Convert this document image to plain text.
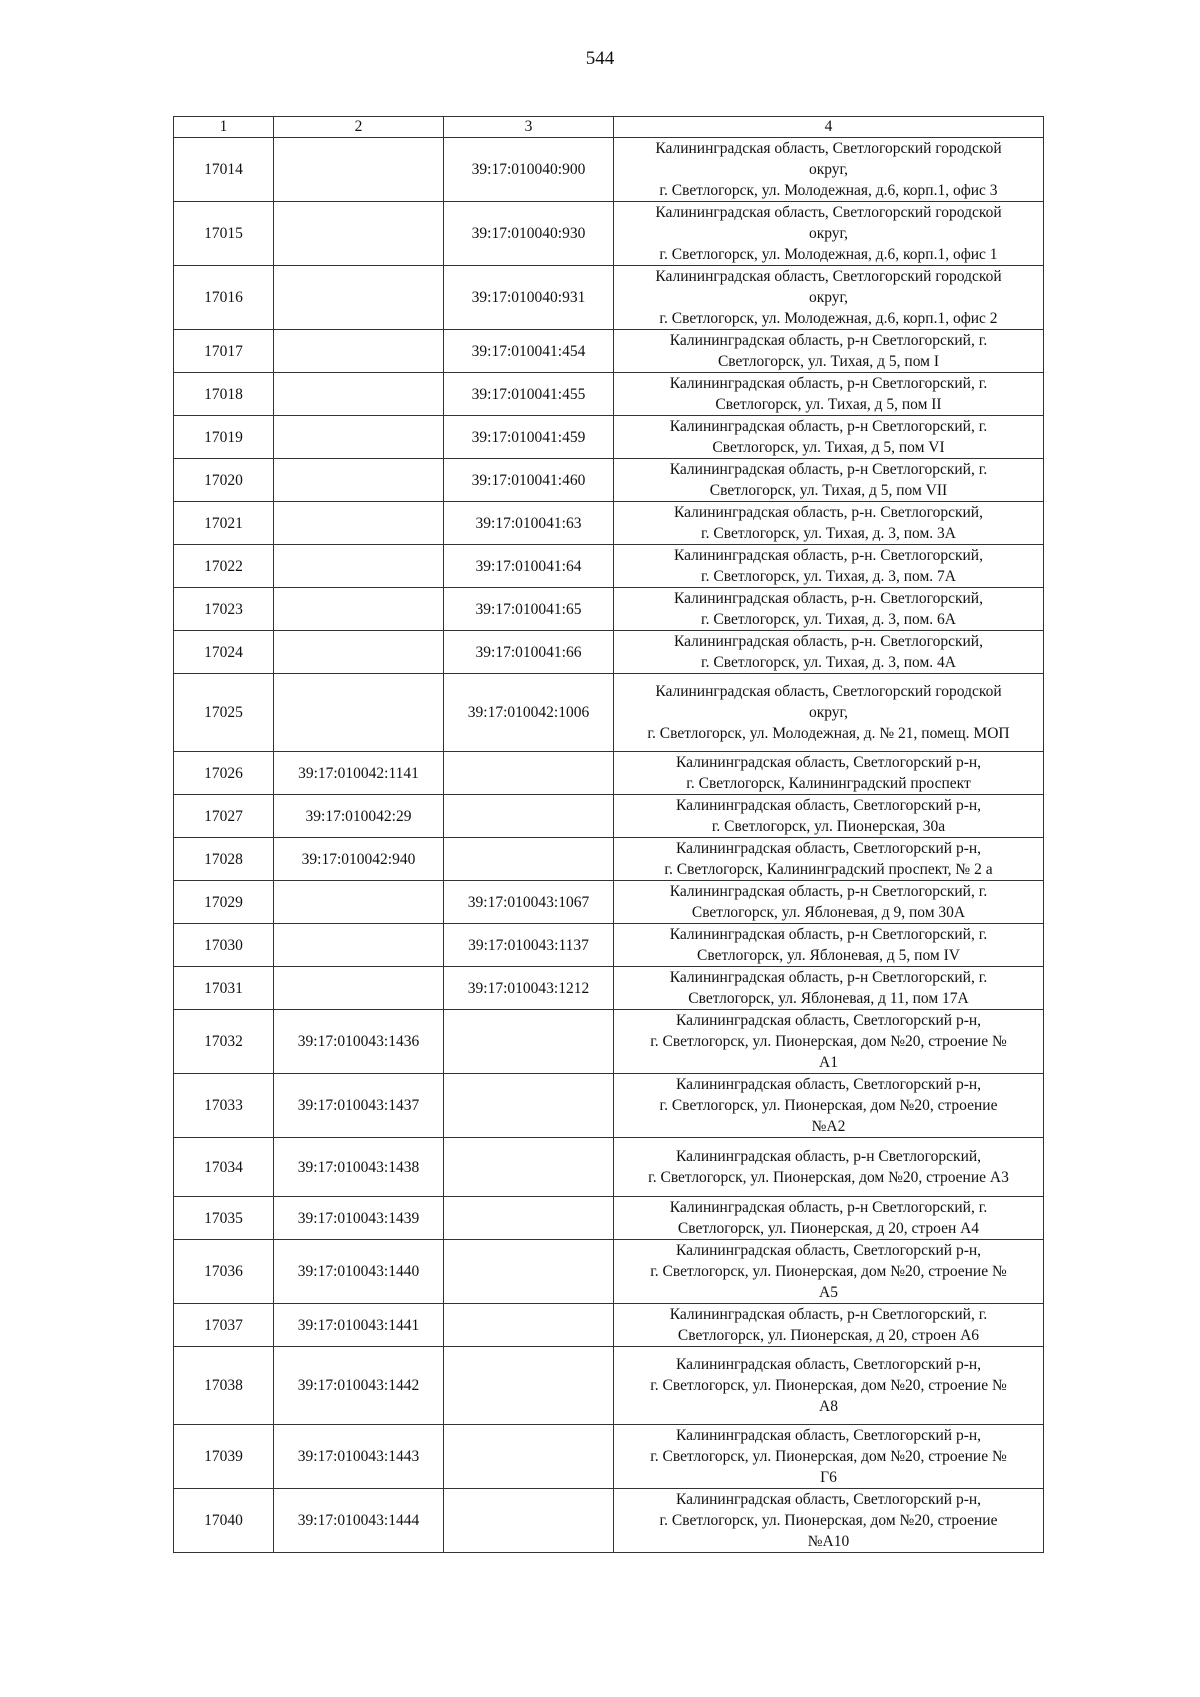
544
1	2	3	4
17014		39:17:010040:900	Калининградская область, Светлогорский городской
округ,
г. Светлогорск, ул. Молодежная, д.6, корп.1, офис 3
17015		39:17:010040:930	Калининградская область, Светлогорский городской
округ,
г. Светлогорск, ул. Молодежная, д.6, корп.1, офис 1
17016		39:17:010040:931	Калининградская область, Светлогорский городской
округ,
г. Светлогорск, ул. Молодежная, д.6, корп.1, офис 2
17017		39:17:010041:454	Калининградская область, р-н Светлогорский, г.
Светлогорск, ул. Тихая, д 5, пом I
17018		39:17:010041:455	Калининградская область, р-н Светлогорский, г.
Светлогорск, ул. Тихая, д 5, пом II
17019		39:17:010041:459	Калининградская область, р-н Светлогорский, г.
Светлогорск, ул. Тихая, д 5, пом VI
17020		39:17:010041:460	Калининградская область, р-н Светлогорский, г.
Светлогорск, ул. Тихая, д 5, пом VII
17021		39:17:010041:63	Калининградская область, р-н. Светлогорский,
г. Светлогорск, ул. Тихая, д. 3, пом. 3А
17022		39:17:010041:64	Калининградская область, р-н. Светлогорский,
г. Светлогорск, ул. Тихая, д. 3, пом. 7А
17023		39:17:010041:65	Калининградская область, р-н. Светлогорский,
г. Светлогорск, ул. Тихая, д. 3, пом. 6А
17024		39:17:010041:66	Калининградская область, р-н. Светлогорский,
г. Светлогорск, ул. Тихая, д. 3, пом. 4А
17025		39:17:010042:1006	Калининградская область, Светлогорский городской
округ,
г. Светлогорск, ул. Молодежная, д. № 21, помещ. МОП
17026	39:17:010042:1141		Калининградская область, Светлогорский р-н,
г. Светлогорск, Калининградский проспект
17027	39:17:010042:29		Калининградская область, Светлогорский р-н,
г. Светлогорск, ул. Пионерская, 30а
17028	39:17:010042:940		Калининградская область, Светлогорский р-н,
г. Светлогорск, Калининградский проспект, № 2 а
17029		39:17:010043:1067	Калининградская область, р-н Светлогорский, г.
Светлогорск, ул. Яблоневая, д 9, пом 30А
17030		39:17:010043:1137	Калининградская область, р-н Светлогорский, г.
Светлогорск, ул. Яблоневая, д 5, пом IV
17031		39:17:010043:1212	Калининградская область, р-н Светлогорский, г.
Светлогорск, ул. Яблоневая, д 11, пом 17А
17032	39:17:010043:1436		Калининградская область, Светлогорский р-н,
г. Светлогорск, ул. Пионерская, дом №20, строение №
А1
17033	39:17:010043:1437		Калининградская область, Светлогорский р-н,
г. Светлогорск, ул. Пионерская, дом №20, строение
№А2
17034	39:17:010043:1438		Калининградская область, р-н Светлогорский,
г. Светлогорск, ул. Пионерская, дом №20, строение А3
17035	39:17:010043:1439		Калининградская область, р-н Светлогорский, г.
Светлогорск, ул. Пионерская, д 20, строен А4
17036	39:17:010043:1440		Калининградская область, Светлогорский р-н,
г. Светлогорск, ул. Пионерская, дом №20, строение №
А5
17037	39:17:010043:1441		Калининградская область, р-н Светлогорский, г.
Светлогорск, ул. Пионерская, д 20, строен А6
17038	39:17:010043:1442		Калининградская область, Светлогорский р-н,
г. Светлогорск, ул. Пионерская, дом №20, строение №
А8
17039	39:17:010043:1443		Калининградская область, Светлогорский р-н,
г. Светлогорск, ул. Пионерская, дом №20, строение №
Г6
17040	39:17:010043:1444		Калининградская область, Светлогорский р-н,
г. Светлогорск, ул. Пионерская, дом №20, строение
№А10
